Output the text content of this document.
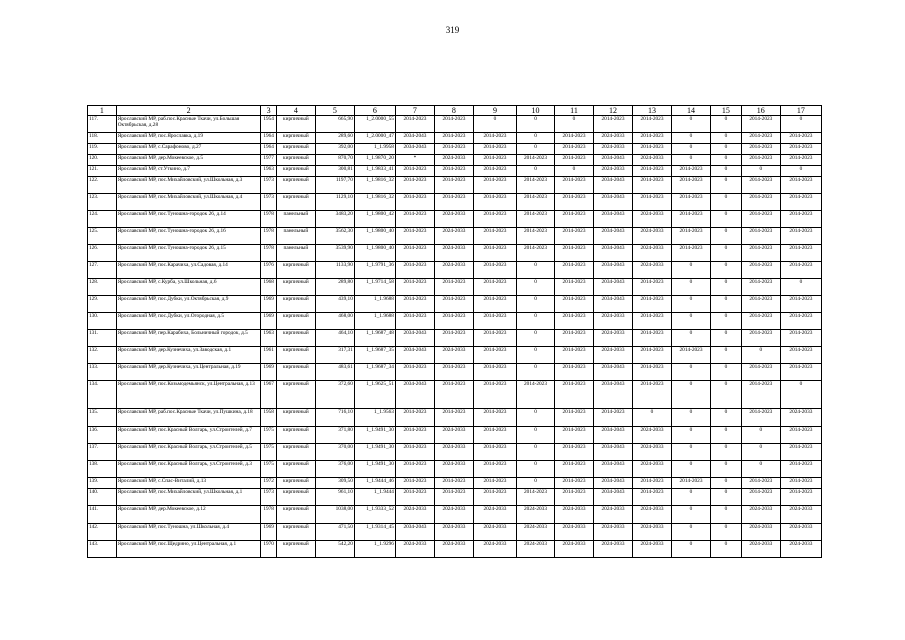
319
1	2	3	4	5	6	7	8	9	10	11	12	13	14	15	16	17
117.	Ярославский МР, раб.пос.Красные Ткачи, ул.Большая Октябрьская, д.28	1954	кирпичный	665,90	1_2.0000_55	2014-2023	2014-2023	0	0	0	2014-2023	2014-2023	0	0	2014-2023	0
118.	Ярославский МР, пос.Ярославка, д.19	1964	кирпичный	289,60	1_2.0000_47	2034-2043	2014-2023	2014-2023	0	2014-2023	2024-2033	2014-2023	0	0	2014-2023	2014-2023
119.	Ярославский МР, с.Сарафоново, д.27	1964	кирпичный	392,00	1_1.9958	2034-2043	2014-2023	2014-2023	0	2014-2023	2024-2033	2014-2023	0	0	2014-2023	2014-2023
120.	Ярославский МР, дер.Мокеевское, д.5	1977	кирпичный	870,70	1_1.9870_20	*	2024-2033	2014-2023	2014-2023	2014-2023	2034-2043	2024-2033	0	0	2014-2023	2014-2023
121.	Ярославский МР, ст.Уткино, д.7	1963	кирпичный	300,81	1_1.9833_41	2014-2023	2014-2023	2014-2023	0	0	2024-2033	2014-2023	2014-2023	0	0	0
122.	Ярославский МР, пос.Михайловский, ул.Школьная, д.3	1973	кирпичный	1197,70	1_1.9816_32	2014-2023	2014-2023	2014-2023	2014-2023	2014-2023	2034-2043	2014-2023	2014-2023	0	2014-2023	2014-2023
123.	Ярославский МР, пос.Михайловский, ул.Школьная, д.4	1973	кирпичный	1129,10	1_1.9816_32	2014-2023	2014-2023	2014-2023	2014-2023	2014-2023	2034-2043	2014-2023	2014-2023	0	2014-2023	2014-2023
124.	Ярославский МР, пос.Туношна-городок 26, д.14	1978	панельный	3483,20	1_1.9800_42	2014-2023	2024-2033	2014-2023	2014-2023	2014-2023	2034-2043	2024-2033	2014-2023	0	2014-2023	2014-2023
125.	Ярославский МР, пос.Туношна-городок 26, д.16	1978	панельный	3562,30	1_1.9800_40	2014-2023	2024-2033	2014-2023	2014-2023	2014-2023	2034-2043	2024-2033	2014-2023	0	2014-2023	2014-2023
126.	Ярославский МР, пос.Туношна-городок 26, д.15	1978	панельный	3539,90	1_1.9800_40	2014-2023	2024-2033	2014-2023	2014-2023	2014-2023	2034-2043	2024-2033	2014-2023	0	2014-2023	2014-2023
127.	Ярославский МР, пос.Карачиха, ул.Садовая, д.14	1976	кирпичный	1133,90	1_1.9791_36	2014-2023	2024-2033	2014-2023	0	2014-2023	2034-2043	2024-2033	0	0	2014-2023	2014-2023
128.	Ярославский МР, с.Курба, ул.Школьная, д.6	1968	кирпичный	289,80	1_1.9714_58	2014-2023	2014-2023	2014-2023	0	2014-2023	2034-2043	2014-2023	0	0	2014-2023	0
129.	Ярославский МР, пос.Дубки, ул.Октябрьская, д.9	1969	кирпичный	439,10	1_1.9688	2014-2023	2014-2023	2014-2023	0	2014-2023	2034-2043	2014-2023	0	0	2014-2023	2014-2023
130.	Ярославский МР, пос.Дубки, ул.Огородная, д.5	1969	кирпичный	468,00	1_1.9688	2014-2023	2014-2023	2014-2023	0	2014-2023	2024-2033	2014-2023	0	0	2014-2023	2014-2023
131.	Ярославский МР, пер.Карабиха, Больничный городок, д.5	1963	кирпичный	464,10	1_1.9687_48	2034-2043	2014-2023	2014-2023	0	2014-2023	2024-2033	2014-2023	0	0	2014-2023	2014-2023
132.	Ярославский МР, дер.Кузнечиха, ул.Заводская, д.1	1961	кирпичный	317,31	1_1.9687_35	2034-2043	2024-2033	2014-2023	0	2014-2023	2024-2033	2014-2023	2014-2023	0	0	2014-2023
133.	Ярославский МР, дер.Кузнечиха, ул.Центральная, д.19	1969	кирпичный	483,61	1_1.9687_34	2014-2023	2014-2023	2014-2023	0	2014-2023	2034-2043	2014-2023	0	0	2014-2023	2014-2023
134.	Ярославский МР, пос.Козьмодемьянск, ул.Центральная, д.13	1967	кирпичный	372,60	1_1.9625_51	2034-2043	2014-2023	2014-2023	2014-2023	2014-2023	2034-2043	2014-2023	0	0	2014-2023	0
135.	Ярославский МР, раб.пос.Красные Ткачи, ул.Пушкина, д.18	1958	кирпичный	716,10	1_1.9563	2014-2023	2014-2023	2014-2023	0	2014-2023	2014-2023	0	0	0	2014-2023	2024-2033
136.	Ярославский МР, пос.Красный Волгарь, ул.Строителей, д.7	1975	кирпичный	371,80	1_1.9491_30	2014-2023	2024-2033	2014-2023	0	2014-2023	2034-2043	2024-2033	0	0	0	2014-2023
137.	Ярославский МР, пос.Красный Волгарь, ул.Строителей, д.5	1975	кирпичный	370,00	1_1.9491_30	2014-2023	2024-2033	2014-2023	0	2014-2023	2034-2043	2024-2033	0	0	0	2014-2023
138.	Ярославский МР, пос.Красный Волгарь, ул.Строителей, д.3	1975	кирпичный	376,00	1_1.9491_30	2014-2023	2024-2033	2014-2023	0	2014-2023	2034-2043	2024-2033	0	0	0	2014-2023
139.	Ярославский МР, с.Спас-Виталий, д.13	1972	кирпичный	309,50	1_1.9444_46	2014-2023	2014-2023	2014-2023	0	2014-2023	2034-2043	2014-2023	2014-2023	0	2014-2023	2014-2023
140.	Ярославский МР, пос.Михайловский, ул.Школьная, д.1	1973	кирпичный	961,10	1_1.9444	2014-2023	2014-2023	2014-2023	2014-2023	2014-2023	2034-2043	2014-2023	0	0	2014-2023	2014-2023
141.	Ярославский МР, дер.Мокеевское, д.12	1978	кирпичный	1038,00	1_1.9333_52	2024-2033	2024-2033	2024-2033	2024-2033	2024-2033	2024-2033	2024-2033	0	0	2024-2033	2024-2033
142.	Ярославский МР, пос.Туношна, ул.Школьная, д.4	1969	кирпичный	471,50	1_1.9314_45	2034-2043	2024-2033	2024-2033	2024-2033	2024-2033	2024-2033	2024-2033	0	0	2024-2033	2024-2033
143.	Ярославский МР, пос.Щедрино, ул.Центральная, д.1	1970	кирпичный	542,20	1_1.9296	2024-2033	2024-2033	2024-2033	2024-2033	2024-2033	2024-2033	2024-2033	0	0	2024-2033	2024-2033
